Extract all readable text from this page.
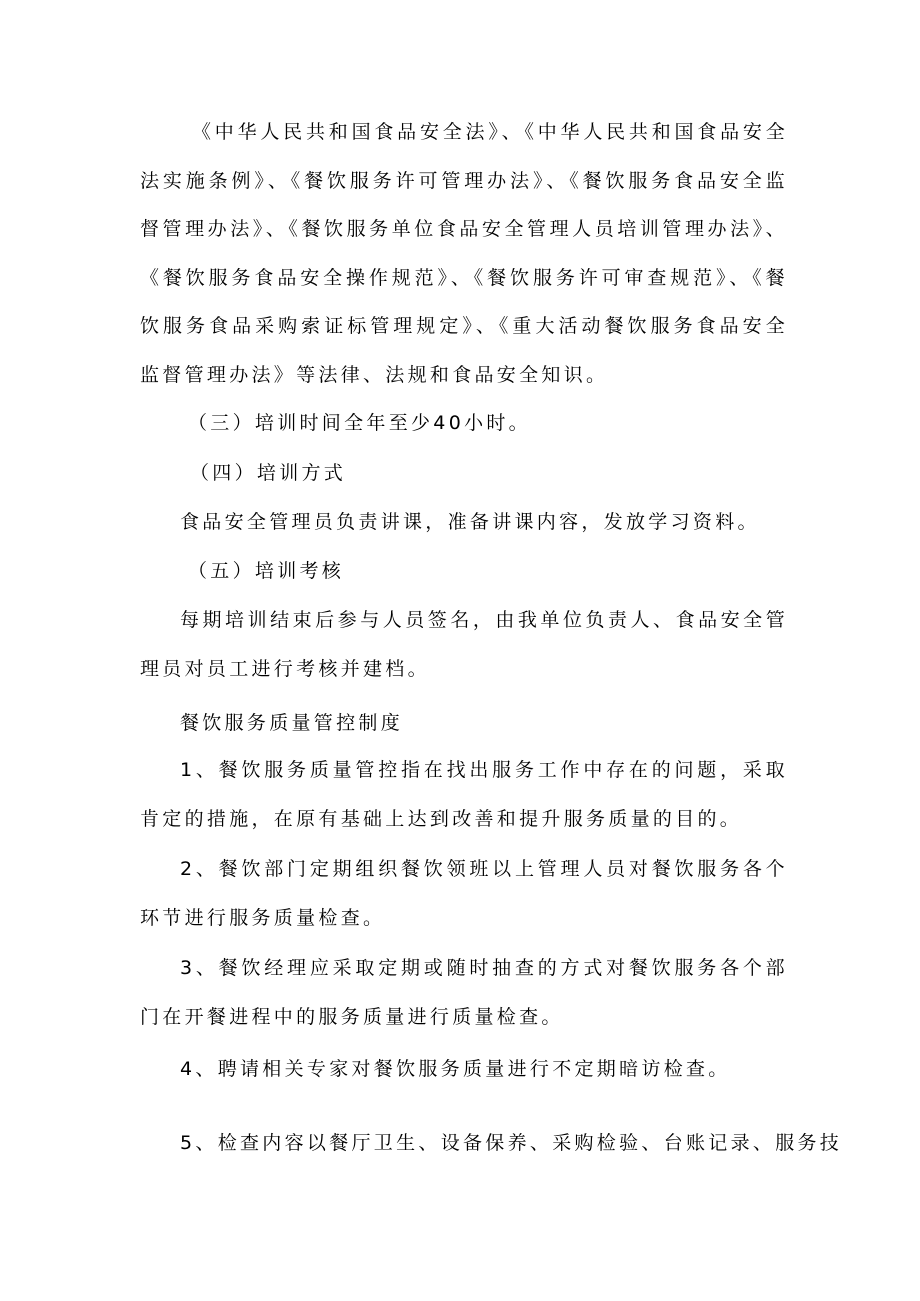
《中华人民共和国食品安全法》、《中华人民共和国食品安全法实施条例》、《餐饮服务许可管理办法》、《餐饮服务食品安全监督管理办法》、《餐饮服务单位食品安全管理人员培训管理办法》、《餐饮服务食品安全操作规范》、《餐饮服务许可审查规范》、《餐饮服务食品采购索证标管理规定》、《重大活动餐饮服务食品安全监督管理办法》等法律、法规和食品安全知识。

（三）培训时间全年至少40小时。

（四）培训方式

食品安全管理员负责讲课，准备讲课内容，发放学习资料。

（五）培训考核

每期培训结束后参与人员签名，由我单位负责人、食品安全管理员对员工进行考核并建档。

餐饮服务质量管控制度

1、餐饮服务质量管控指在找出服务工作中存在的问题，采取肯定的措施，在原有基础上达到改善和提升服务质量的目的。

2、餐饮部门定期组织餐饮领班以上管理人员对餐饮服务各个环节进行服务质量检查。

3、餐饮经理应采取定期或随时抽查的方式对餐饮服务各个部门在开餐进程中的服务质量进行质量检查。

4、聘请相关专家对餐饮服务质量进行不定期暗访检查。

5、检查内容以餐厅卫生、设备保养、采购检验、台账记录、服务技
